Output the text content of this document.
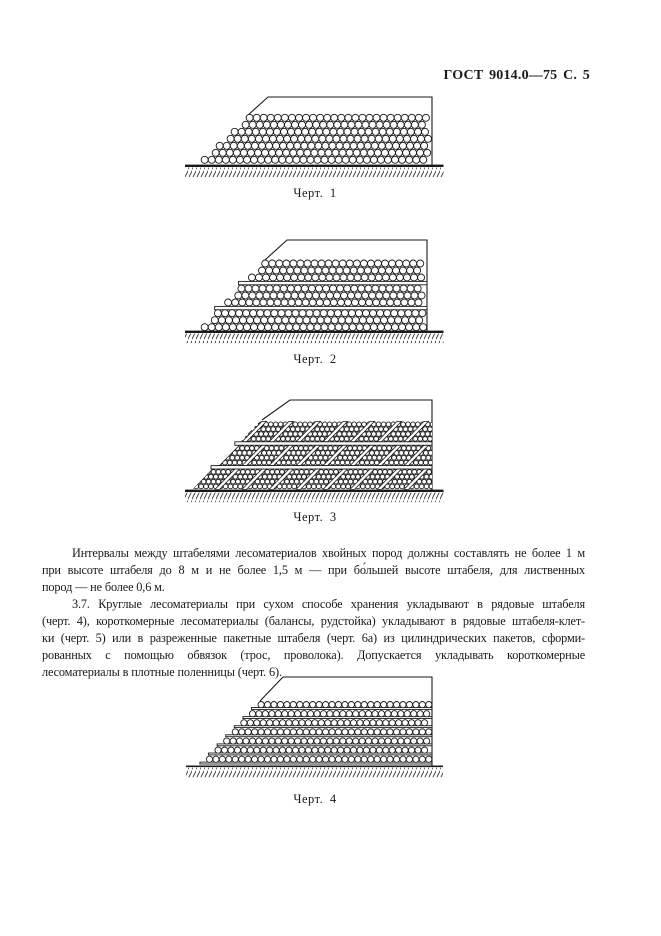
ГОСТ 9014.0—75 С. 5
Черт. 1
Черт. 2
Черт. 3
Черт. 4
Интервалы между штабелями лесоматериалов хвойных пород должны составлять не более 1 м
при высоте штабеля до 8 м и не более 1,5 м — при бо́льшей высоте штабеля, для лиственных
пород — не более 0,6 м.
3.7. Круглые лесоматериалы при сухом способе хранения укладывают в рядовые штабеля
(черт. 4), короткомерные лесоматериалы (балансы, рудстойка) укладывают в рядовые штабеля-клет-
ки (черт. 5) или в разреженные пакетные штабеля (черт. 6а) из цилиндрических пакетов, сформи-
рованных с помощью обвязок (трос, проволока). Допускается укладывать короткомерные
лесоматериалы в плотные поленницы (черт. 6).
